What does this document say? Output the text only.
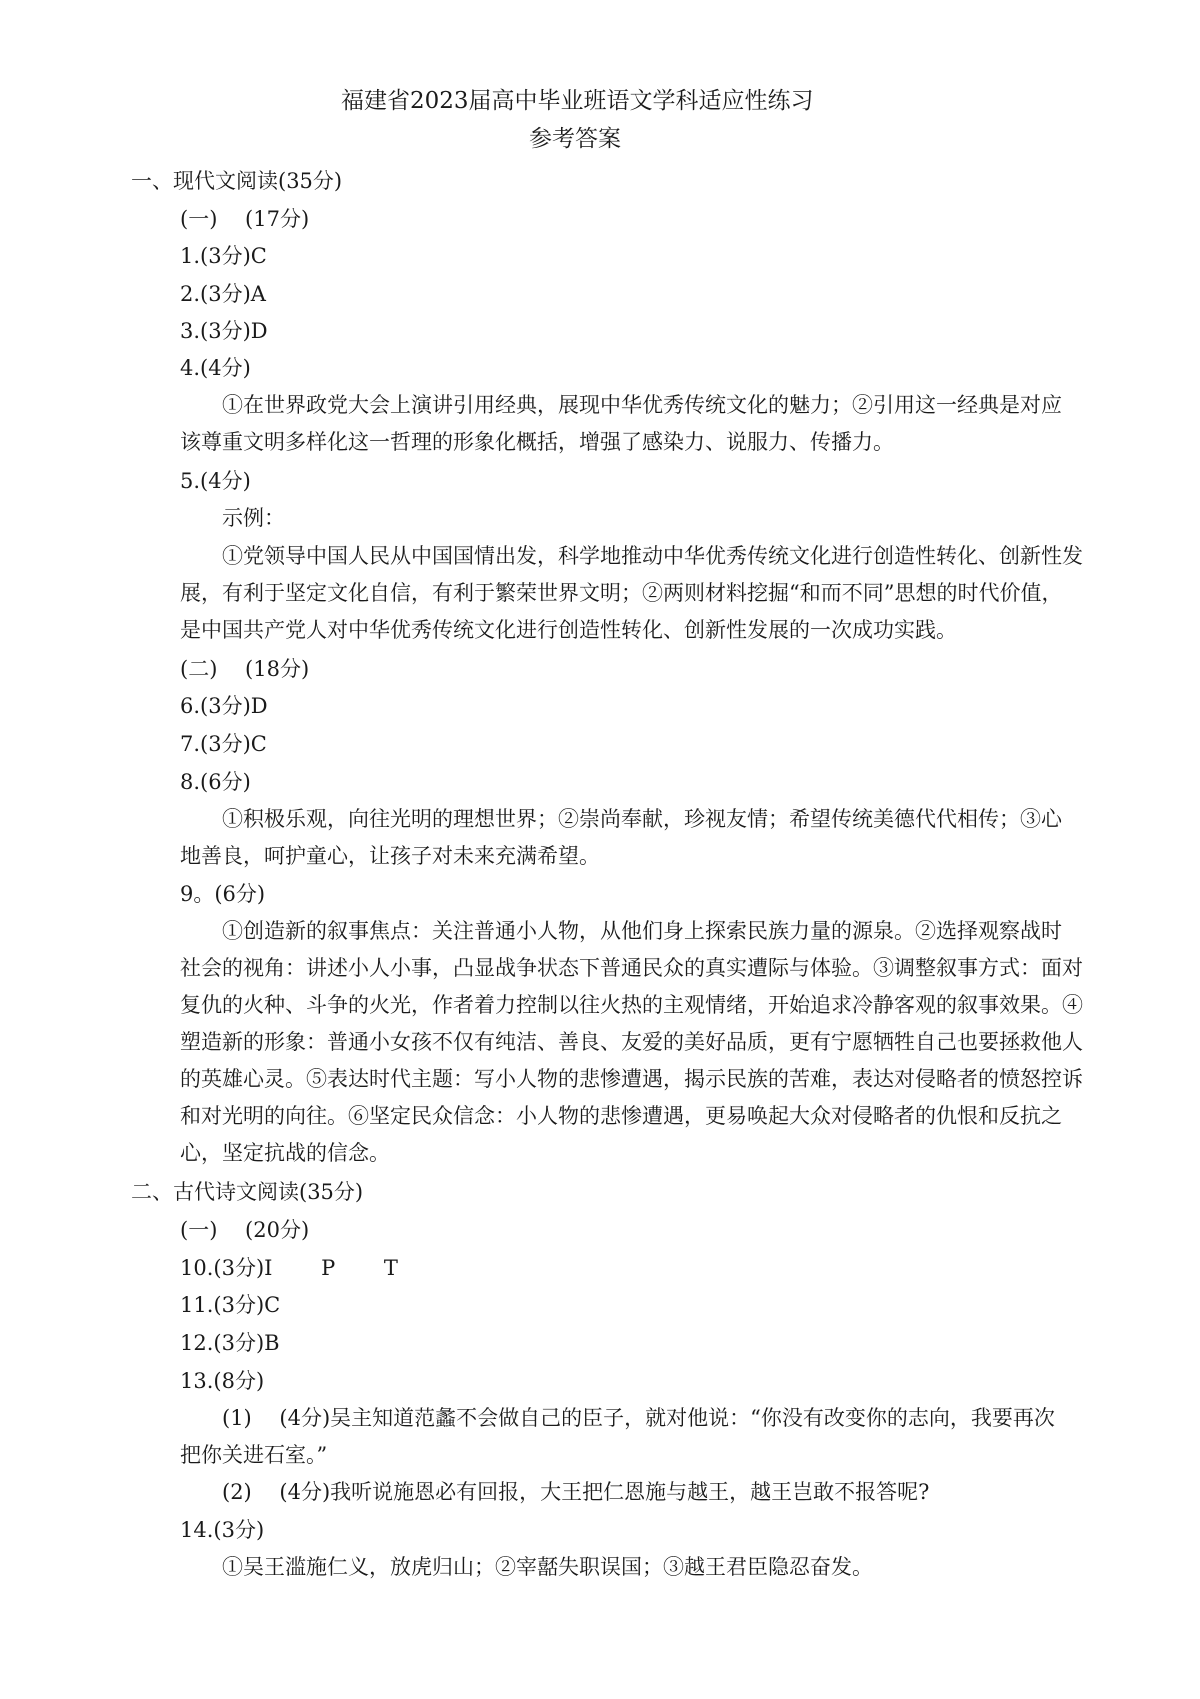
福建省2023届高中毕业班语文学科适应性练习

参考答案

一、现代文阅读(35分)

(一)　 (17分)

1.(3分)C

2.(3分)A

3.(3分)D

4.(4分)

①在世界政党大会上演讲引用经典，展现中华优秀传统文化的魅力；②引用这一经典是对应

该尊重文明多样化这一哲理的形象化概括，增强了感染力、说服力、传播力。

5.(4分)

示例：

①党领导中国人民从中国国情出发，科学地推动中华优秀传统文化进行创造性转化、创新性发

展，有利于坚定文化自信，有利于繁荣世界文明；②两则材料挖掘“和而不同”思想的时代价值，

是中国共产党人对中华优秀传统文化进行创造性转化、创新性发展的一次成功实践。

(二)　 (18分)

6.(3分)D

7.(3分)C

8.(6分)

①积极乐观，向往光明的理想世界；②崇尚奉献，珍视友情；希望传统美德代代相传；③心

地善良，呵护童心，让孩子对未来充满希望。

9。(6分)

①创造新的叙事焦点：关注普通小人物，从他们身上探索民族力量的源泉。②选择观察战时

社会的视角：讲述小人小事，凸显战争状态下普通民众的真实遭际与体验。③调整叙事方式：面对

复仇的火种、斗争的火光，作者着力控制以往火热的主观情绪，开始追求冷静客观的叙事效果。④

塑造新的形象：普通小女孩不仅有纯洁、善良、友爱的美好品质，更有宁愿牺牲自己也要拯救他人

的英雄心灵。⑤表达时代主题：写小人物的悲惨遭遇，揭示民族的苦难，表达对侵略者的愤怒控诉

和对光明的向往。⑥坚定民众信念：小人物的悲惨遭遇，更易唤起大众对侵略者的仇恨和反抗之

心，坚定抗战的信念。

二、古代诗文阅读(35分)

(一)　 (20分)

10.(3分)I　　 P　　 T

11.(3分)C

12.(3分)B

13.(8分)

(1)　 (4分)吴主知道范蠡不会做自己的臣子，就对他说：“你没有改变你的志向，我要再次

把你关进石室。”

(2)　 (4分)我听说施恩必有回报，大王把仁恩施与越王，越王岂敢不报答呢?

14.(3分)

①吴王滥施仁义，放虎归山；②宰嚭失职误国；③越王君臣隐忍奋发。
